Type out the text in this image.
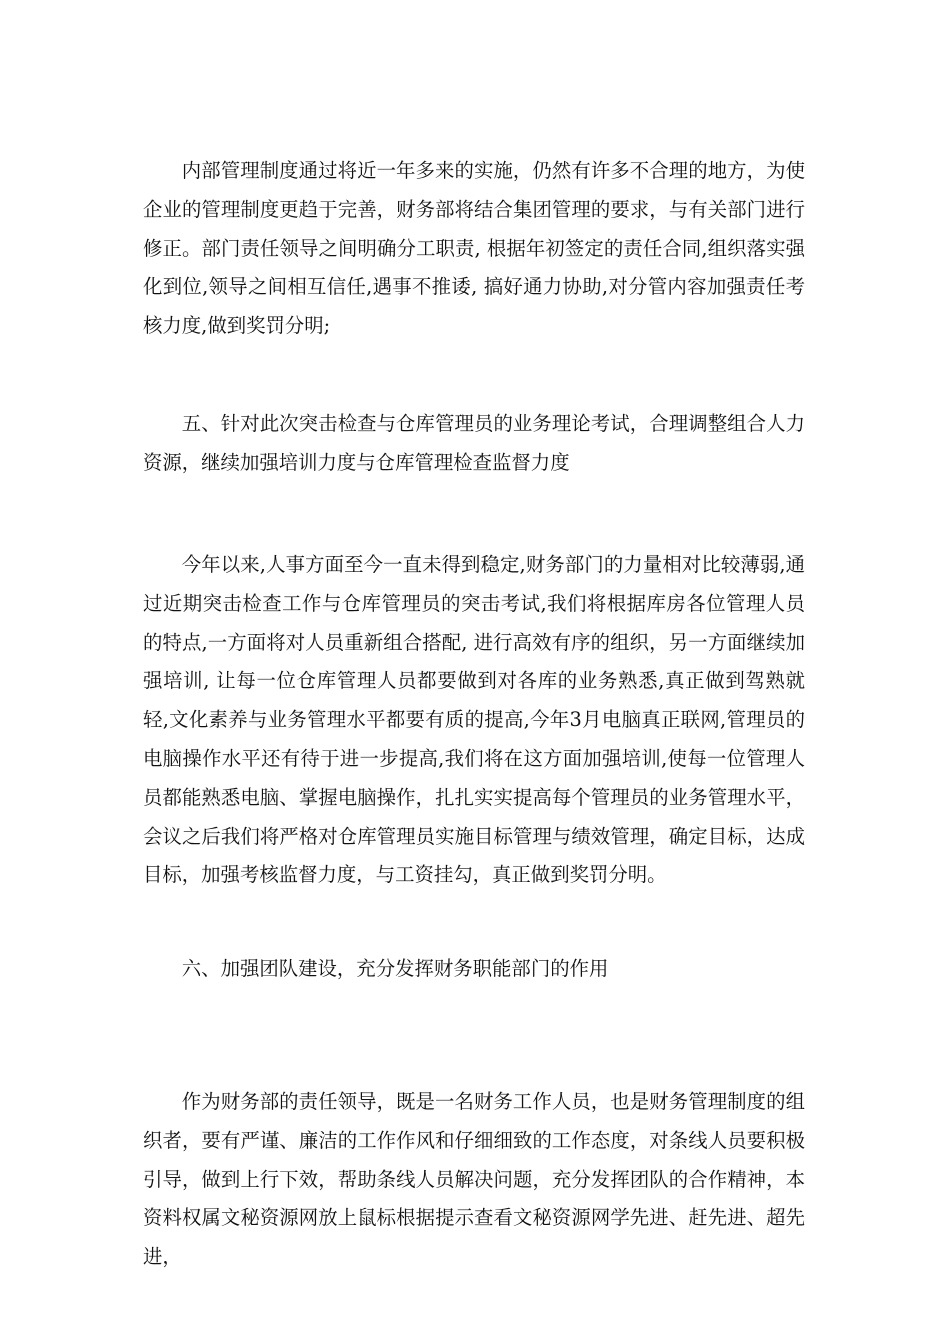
内部管理制度通过将近一年多来的实施，仍然有许多不合理的地方，为使企业的管理制度更趋于完善，财务部将结合集团管理的要求，与有关部门进行修正。部门责任领导之间明确分工职责, 根据年初签定的责任合同,组织落实强化到位,领导之间相互信任,遇事不推诿, 搞好通力协助,对分管内容加强责任考核力度,做到奖罚分明;

五、针对此次突击检查与仓库管理员的业务理论考试，合理调整组合人力资源，继续加强培训力度与仓库管理检查监督力度

今年以来,人事方面至今一直未得到稳定,财务部门的力量相对比较薄弱,通过近期突击检查工作与仓库管理员的突击考试,我们将根据库房各位管理人员的特点,一方面将对人员重新组合搭配, 进行高效有序的组织，另一方面继续加强培训, 让每一位仓库管理人员都要做到对各库的业务熟悉,真正做到驾熟就轻,文化素养与业务管理水平都要有质的提高,今年3月电脑真正联网,管理员的电脑操作水平还有待于进一步提高,我们将在这方面加强培训,使每一位管理人员都能熟悉电脑、掌握电脑操作，扎扎实实提高每个管理员的业务管理水平，会议之后我们将严格对仓库管理员实施目标管理与绩效管理，确定目标，达成目标，加强考核监督力度，与工资挂勾，真正做到奖罚分明。

六、加强团队建设，充分发挥财务职能部门的作用

作为财务部的责任领导，既是一名财务工作人员，也是财务管理制度的组织者，要有严谨、廉洁的工作作风和仔细细致的工作态度，对条线人员要积极引导，做到上行下效，帮助条线人员解决问题，充分发挥团队的合作精神，本资料权属文秘资源网放上鼠标根据提示查看文秘资源网学先进、赶先进、超先进，
